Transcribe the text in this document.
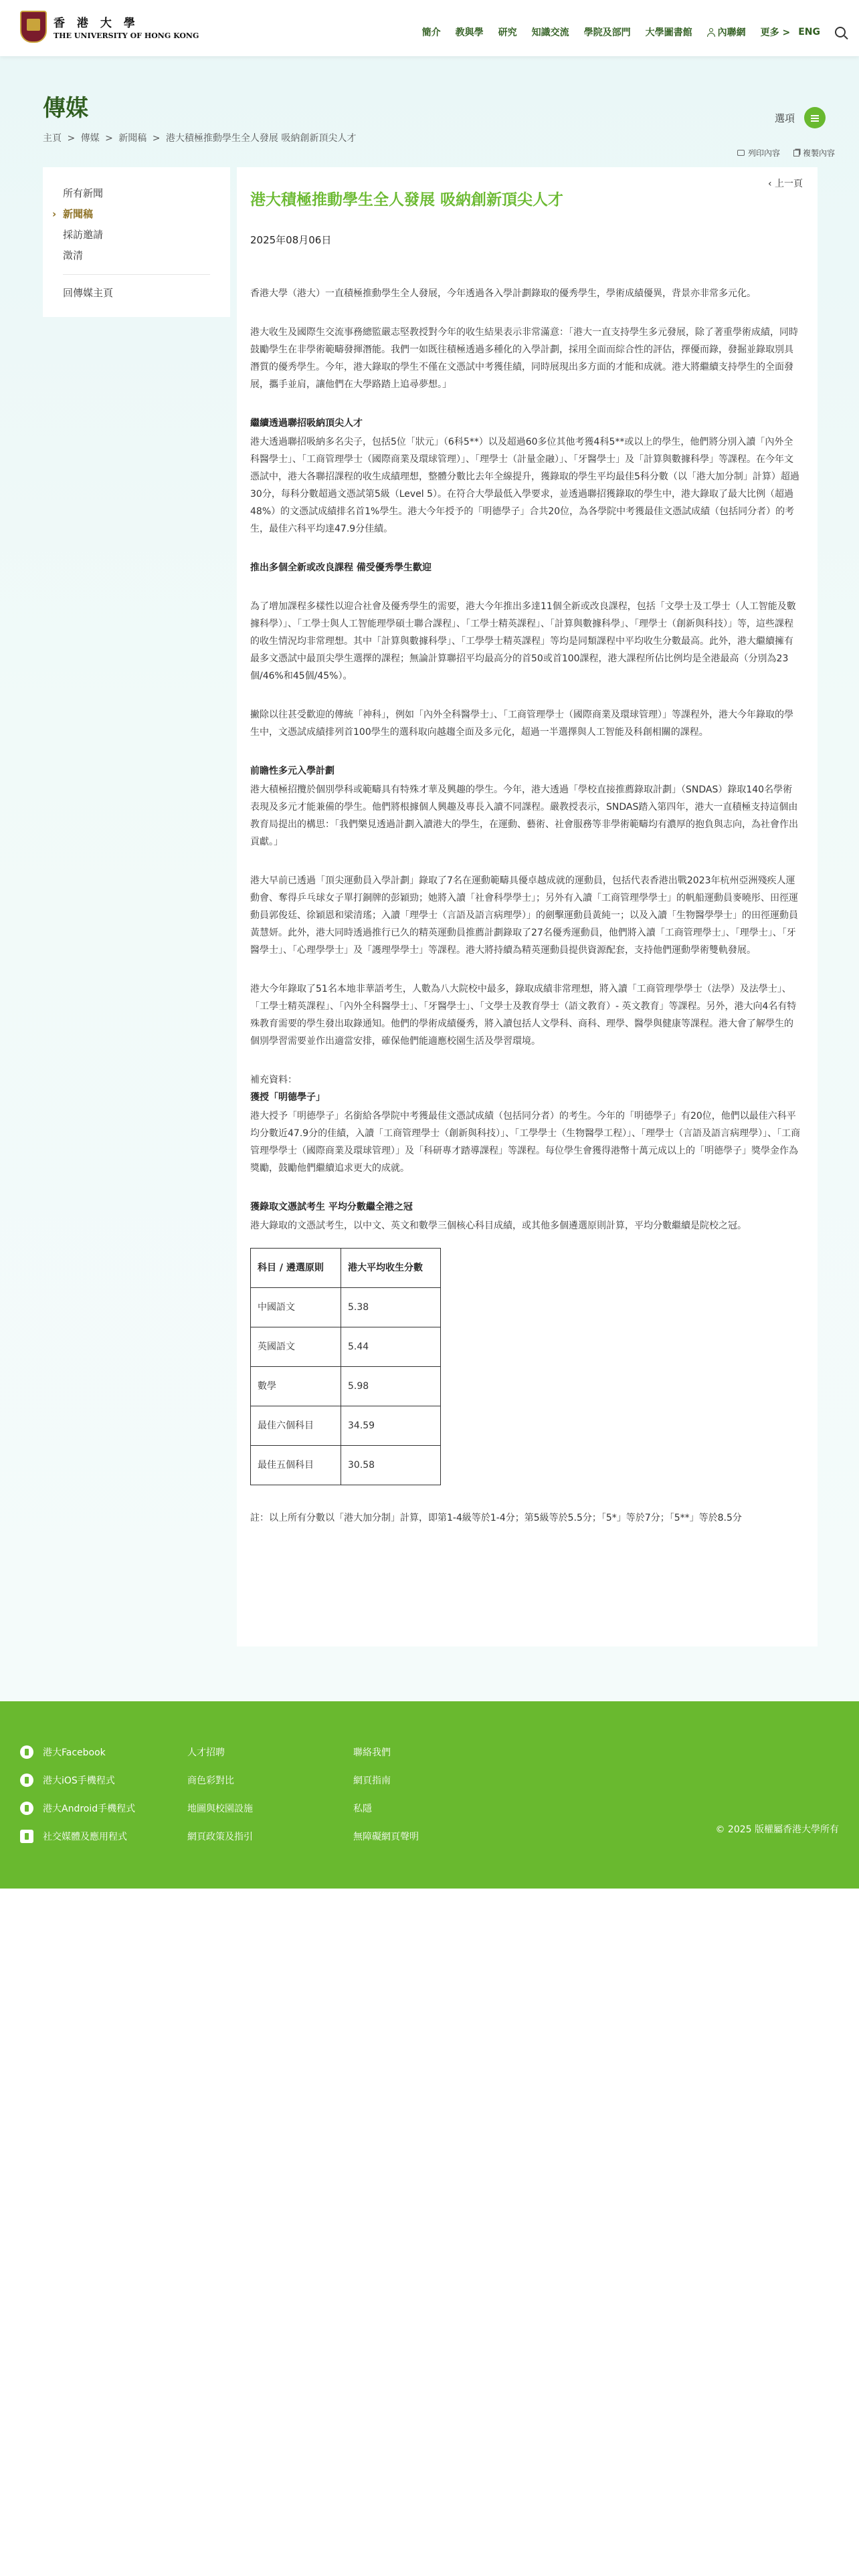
香 港 大 學
THE UNIVERSITY OF HONG KONG	簡介 教與學 研究 知識交流 學院及部門 大學圖書館	內聯網 更多 > ENG
傳媒
主頁 > 傳媒 > 新聞稿 > 港大積極推動學生全人發展 吸納創新頂尖人才
選項
列印內容	複製內容
所有新聞
› 新聞稿
採訪邀請
澂清
回傳媒主頁
‹ 上一頁
港大積極推動學生全人發展 吸納創新頂尖人才
2025年08月06日

香港大學（港大）一直積極推動學生全人發展，今年透過各入學計劃錄取的優秀學生，學術成績優異，背景亦非常多元化。

港大收生及國際生交流事務總監嚴志堅教授對今年的收生結果表示非常滿意：「港大一直支持學生多元發展，除了著重學術成績，同時鼓勵學生在非學術範疇發揮潛能。我們一如既往積極透過多種化的入學計劃，採用全面而綜合性的評估，擇優而錄，發掘並錄取別具潛質的優秀學生。今年，港大錄取的學生不僅在文憑試中考獲佳績，同時展現出多方面的才能和成就。港大將繼續支持學生的全面發展，攜手並肩，讓他們在大學路踏上追尋夢想。」

繼續透過聯招吸納頂尖人才
港大透過聯招吸納多名尖子，包括5位「狀元」（6科5**）以及超過60多位其他考獲4科5**或以上的學生，他們將分別入讀「內外全科醫學士」、「工商管理學士（國際商業及環球管理）」、「理學士（計量金融）」、「牙醫學士」及「計算與數據科學」等課程。在今年文憑試中，港大各聯招課程的收生成績理想，整體分數比去年全線提升，獲錄取的學生平均最佳5科分數（以「港大加分制」計算）超過30分，每科分數超過文憑試第5級（Level 5）。在符合大學最低入學要求，並透過聯招獲錄取的學生中，港大錄取了最大比例（超過48%）的文憑試成績排名首1%學生。港大今年授予的「明德學子」合共20位，為各學院中考獲最佳文憑試成績（包括同分者）的考生，最佳六科平均達47.9分佳績。
推出多個全新或改良課程 備受優秀學生歡迎

為了增加課程多樣性以迎合社會及優秀學生的需要，港大今年推出多達11個全新或改良課程，包括「文學士及工學士（人工智能及數據科學）」、「工學士與人工智能理學碩士聯合課程」、「工學士精英課程」、「計算與數據科學」、「理學士（創新與科技）」等，這些課程的收生情況均非常理想。其中「計算與數據科學」、「工學學士精英課程」等均是同類課程中平均收生分數最高。此外，港大繼續擁有最多文憑試中最頂尖學生選擇的課程；無論計算聯招平均最高分的首50或首100課程，港大課程所佔比例均是全港最高（分別為23個/46%和45個/45%）。

撇除以往甚受歡迎的傳統「神科」，例如「內外全科醫學士」、「工商管理學士（國際商業及環球管理）」等課程外，港大今年錄取的學生中，文憑試成績排列首100學生的選科取向越趨全面及多元化，超過一半選擇與人工智能及科創相關的課程。

前瞻性多元入學計劃
港大積極招攬於個別學科或範疇具有特殊才華及興趣的學生。今年，港大透過「學校直接推薦錄取計劃」（SNDAS）錄取140名學術表現及多元才能兼備的學生。他們將根據個人興趣及專長入讀不同課程。嚴教授表示，SNDAS踏入第四年，港大一直積極支持這個由教育局提出的構思：「我們樂見透過計劃入讀港大的學生，在運動、藝術、社會服務等非學術範疇均有濃厚的抱負與志向，為社會作出貢獻。」

港大早前已透過「頂尖運動員入學計劃」錄取了7名在運動範疇具優卓越成就的運動員，包括代表香港出戰2023年杭州亞洲殘疾人運動會、奪得乒乓球女子單打銅牌的彭穎勁；她將入讀「社會科學學士」；另外有入讀「工商管理學學士」的帆船運動員麥曉彤、田徑運動員郭俊廷、徐穎恩和梁清瑤；入讀「理學士（言語及語言病理學）」的劍擊運動員黃純一；以及入讀「生物醫學學士」的田徑運動員黃慧妍。此外，港大同時透過推行已久的精英運動員推薦計劃錄取了27名優秀運動員，他們將入讀「工商管理學士」、「理學士」、「牙醫學士」、「心理學學士」及「護理學學士」等課程。港大將持續為精英運動員提供資源配套，支持他們運動學術雙軌發展。

港大今年錄取了51名本地非華語考生，人數為八大院校中最多，錄取成績非常理想，將入讀「工商管理學學士（法學）及法學士」、「工學士精英課程」、「內外全科醫學士」、「牙醫學士」、「文學士及教育學士（語文教育）- 英文教育」等課程。另外，港大向4名有特殊教育需要的學生發出取錄通知。他們的學術成績優秀，將入讀包括人文學科、商科、理學、醫學與健康等課程。港大會了解學生的個別學習需要並作出適當安排，確保他們能適應校園生活及學習環境。

補充資料：
獲授「明德學子」
港大授予「明德學子」名銜給各學院中考獲最佳文憑試成績（包括同分者）的考生。今年的「明德學子」有20位，他們以最佳六科平均分數近47.9分的佳績，入讀「工商管理學士（創新與科技）」、「工學學士（生物醫學工程）」、「理學士（言語及語言病理學）」、「工商管理學學士（國際商業及環球管理）」及「科研專才踏導課程」等課程。每位學生會獲得港幣十萬元成以上的「明德學子」獎學金作為獎勵，鼓勵他們繼續追求更大的成就。
獲錄取文憑試考生 平均分數繼全港之冠
港大錄取的文憑試考生，以中文、英文和數學三個核心科目成績，或其他多個遴選原則計算，平均分數繼續是院校之冠。
科目 / 遴選原則	港大平均收生分數
中國語文	5.38
英國語文	5.44
數學	5.98
最佳六個科目	34.59
最佳五個科目	30.58
註：以上所有分數以「港大加分制」計算，即第1-4級等於1-4分；第5級等於5.5分；「5*」等於7分；「5**」等於8.5分
港大Facebook
港大iOS手機程式
港大Android手機程式
社交媒體及應用程式
人才招聘
商色彩對比
地圖與校園設施
網頁政策及指引
聯絡我們
網頁指南
私隱
無障礙網頁聲明
© 2025 版權屬香港大學所有
